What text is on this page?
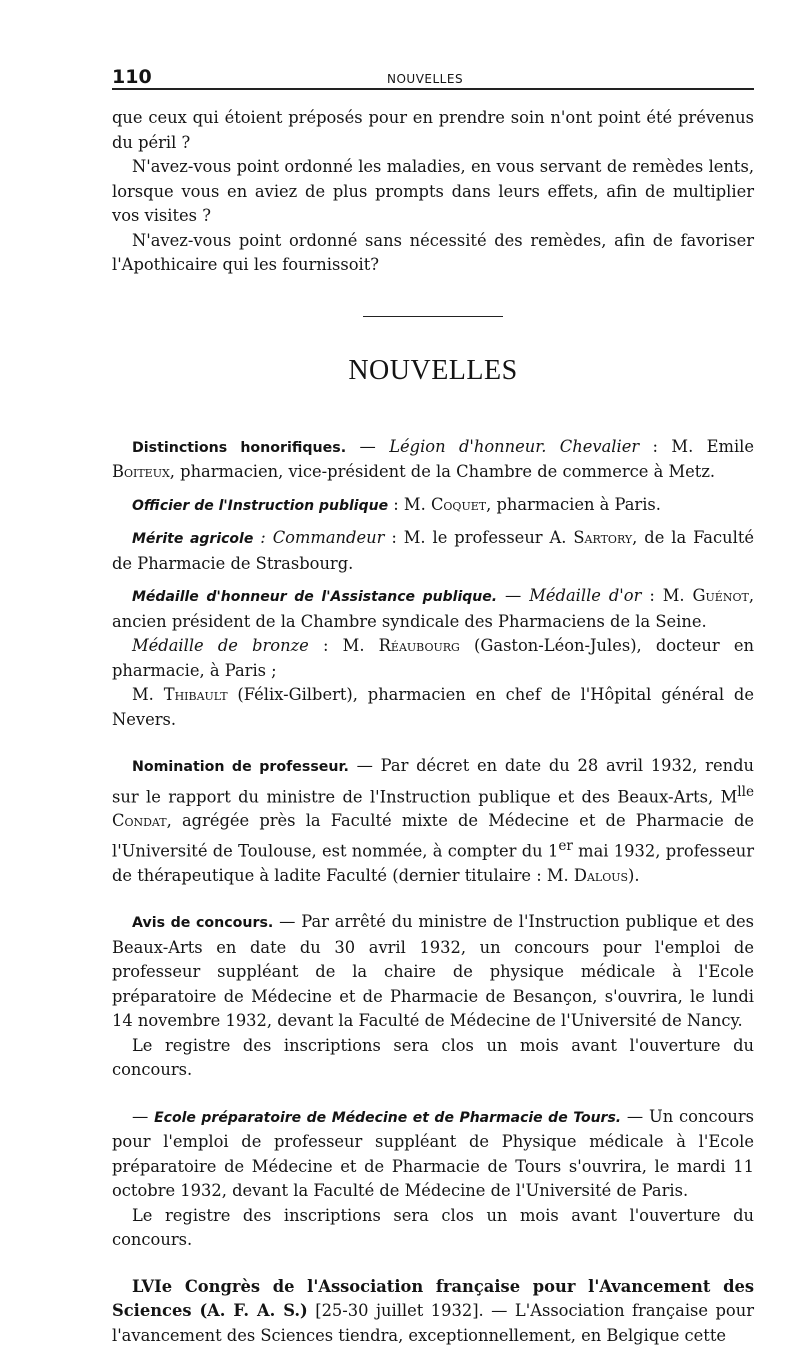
110	NOUVELLES

que ceux qui étoient préposés pour en prendre soin n'ont point été prévenus du péril ?

N'avez-vous point ordonné les maladies, en vous servant de remèdes lents, lorsque vous en aviez de plus prompts dans leurs effets, afin de multiplier vos visites ?

N'avez-vous point ordonné sans nécessité des remèdes, afin de favoriser l'Apothicaire qui les fournissoit?

NOUVELLES

Distinctions honorifiques. — Légion d'honneur. Chevalier : M. Emile Boiteux, pharmacien, vice-président de la Chambre de commerce à Metz.

Officier de l'Instruction publique : M. Coquet, pharmacien à Paris.

Mérite agricole : Commandeur : M. le professeur A. Sartory, de la Faculté de Pharmacie de Strasbourg.

Médaille d'honneur de l'Assistance publique. — Médaille d'or : M. Guénot, ancien président de la Chambre syndicale des Pharmaciens de la Seine.

Médaille de bronze : M. Réaubourg (Gaston-Léon-Jules), docteur en pharmacie, à Paris ;

M. Thibault (Félix-Gilbert), pharmacien en chef de l'Hôpital général de Nevers.

Nomination de professeur. — Par décret en date du 28 avril 1932, rendu sur le rapport du ministre de l'Instruction publique et des Beaux-Arts, $M^{lle}$ Condat, agrégée près la Faculté mixte de Médecine et de Pharmacie de l'Université de Toulouse, est nommée, à compter du 1er mai 1932, professeur de thérapeutique à ladite Faculté (dernier titulaire : M. Dalous).

Avis de concours. — Par arrêté du ministre de l'Instruction publique et des Beaux-Arts en date du 30 avril 1932, un concours pour l'emploi de professeur suppléant de la chaire de physique médicale à l'Ecole préparatoire de Médecine et de Pharmacie de Besançon, s'ouvrira, le lundi 14 novembre 1932, devant la Faculté de Médecine de l'Université de Nancy.

Le registre des inscriptions sera clos un mois avant l'ouverture du concours.

— Ecole préparatoire de Médecine et de Pharmacie de Tours. — Un concours pour l'emploi de professeur suppléant de Physique médicale à l'Ecole préparatoire de Médecine et de Pharmacie de Tours s'ouvrira, le mardi 11 octobre 1932, devant la Faculté de Médecine de l'Université de Paris.

Le registre des inscriptions sera clos un mois avant l'ouverture du concours.

LVIe Congrès de l'Association française pour l'Avancement des Sciences (A. F. A. S.) [25-30 juillet 1932]. — L'Association française pour l'avancement des Sciences tiendra, exceptionnellement, en Belgique cette
